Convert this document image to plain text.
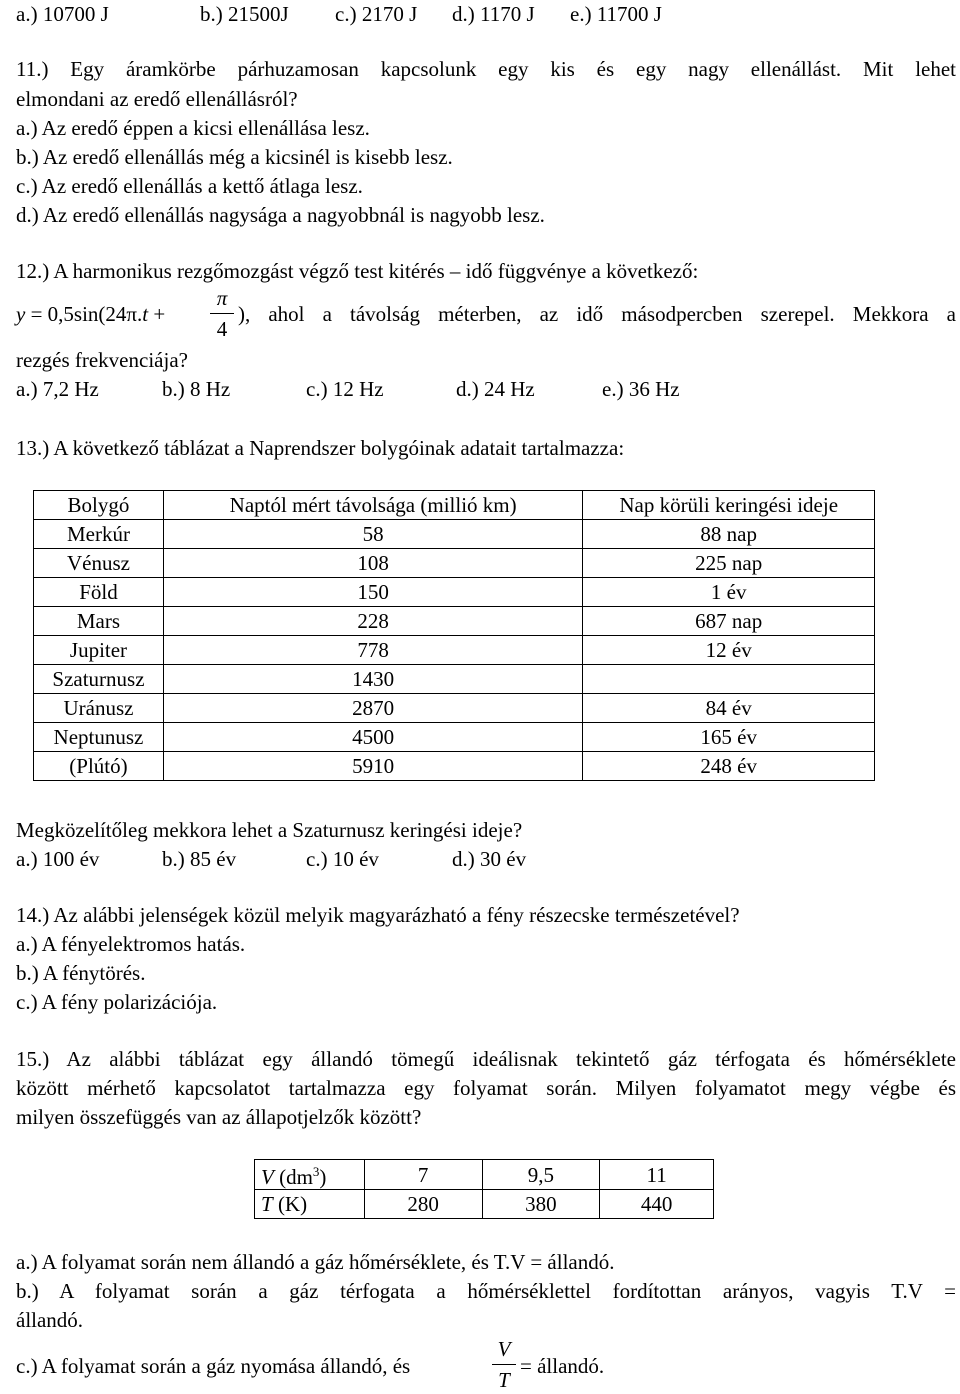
a.) 10700 J	b.) 21500J c.) 2170 J d.) 1170 J e.) 11700 J
11.) Egy áramkörbe párhuzamosan kapcsolunk egy kis és egy nagy ellenállást. Mit lehet
elmondani az eredő ellenállásról?
a.) Az eredő éppen a kicsi ellenállása lesz.
b.) Az eredő ellenállás még a kicsinél is kisebb lesz.
c.) Az eredő ellenállás a kettő átlaga lesz.
d.) Az eredő ellenállás nagysága a nagyobbnál is nagyobb lesz.
12.) A harmonikus rezgőmozgást végző test kitérés – idő függvénye a következő:
y = 0,5sin(24π.t +
π
4
), ahol a távolság méterben, az idő másodpercben szerepel. Mekkora a
rezgés frekvenciája?
a.) 7,2 Hz	b.) 8 Hz	c.) 12 Hz	d.) 24 Hz	e.) 36 Hz
13.) A következő táblázat a Naprendszer bolygóinak adatait tartalmazza:
Bolygó	Naptól mért távolsága (millió km)	Nap körüli keringési ideje
Merkúr	58	88 nap
Vénusz	108	225 nap
Föld	150	1 év
Mars	228	687 nap
Jupiter	778	12 év
Szaturnusz	1430	
Uránusz	2870	84 év
Neptunusz	4500	165 év
(Plútó)	5910	248 év
Megközelítőleg mekkora lehet a Szaturnusz keringési ideje?
a.) 100 év	b.) 85 év	c.) 10 év	d.) 30 év
14.) Az alábbi jelenségek közül melyik magyarázható a fény részecske természetével?
a.) A fényelektromos hatás.
b.) A fénytörés.
c.) A fény polarizációja.
15.) Az alábbi táblázat egy állandó tömegű ideálisnak tekintető gáz térfogata és hőmérséklete
között mérhető kapcsolatot tartalmazza egy folyamat során. Milyen folyamatot megy végbe és
milyen összefüggés van az állapotjelzők között?
V $(dm^3)$	7	9,5	11
T (K)	280	380	440
a.) A folyamat során nem állandó a gáz hőmérséklete, és T.V = állandó.
b.) A folyamat során a gáz térfogata a hőmérséklettel fordítottan arányos, vagyis T.V =
állandó.
c.) A folyamat során a gáz nyomása állandó, és
V
T
= állandó.
